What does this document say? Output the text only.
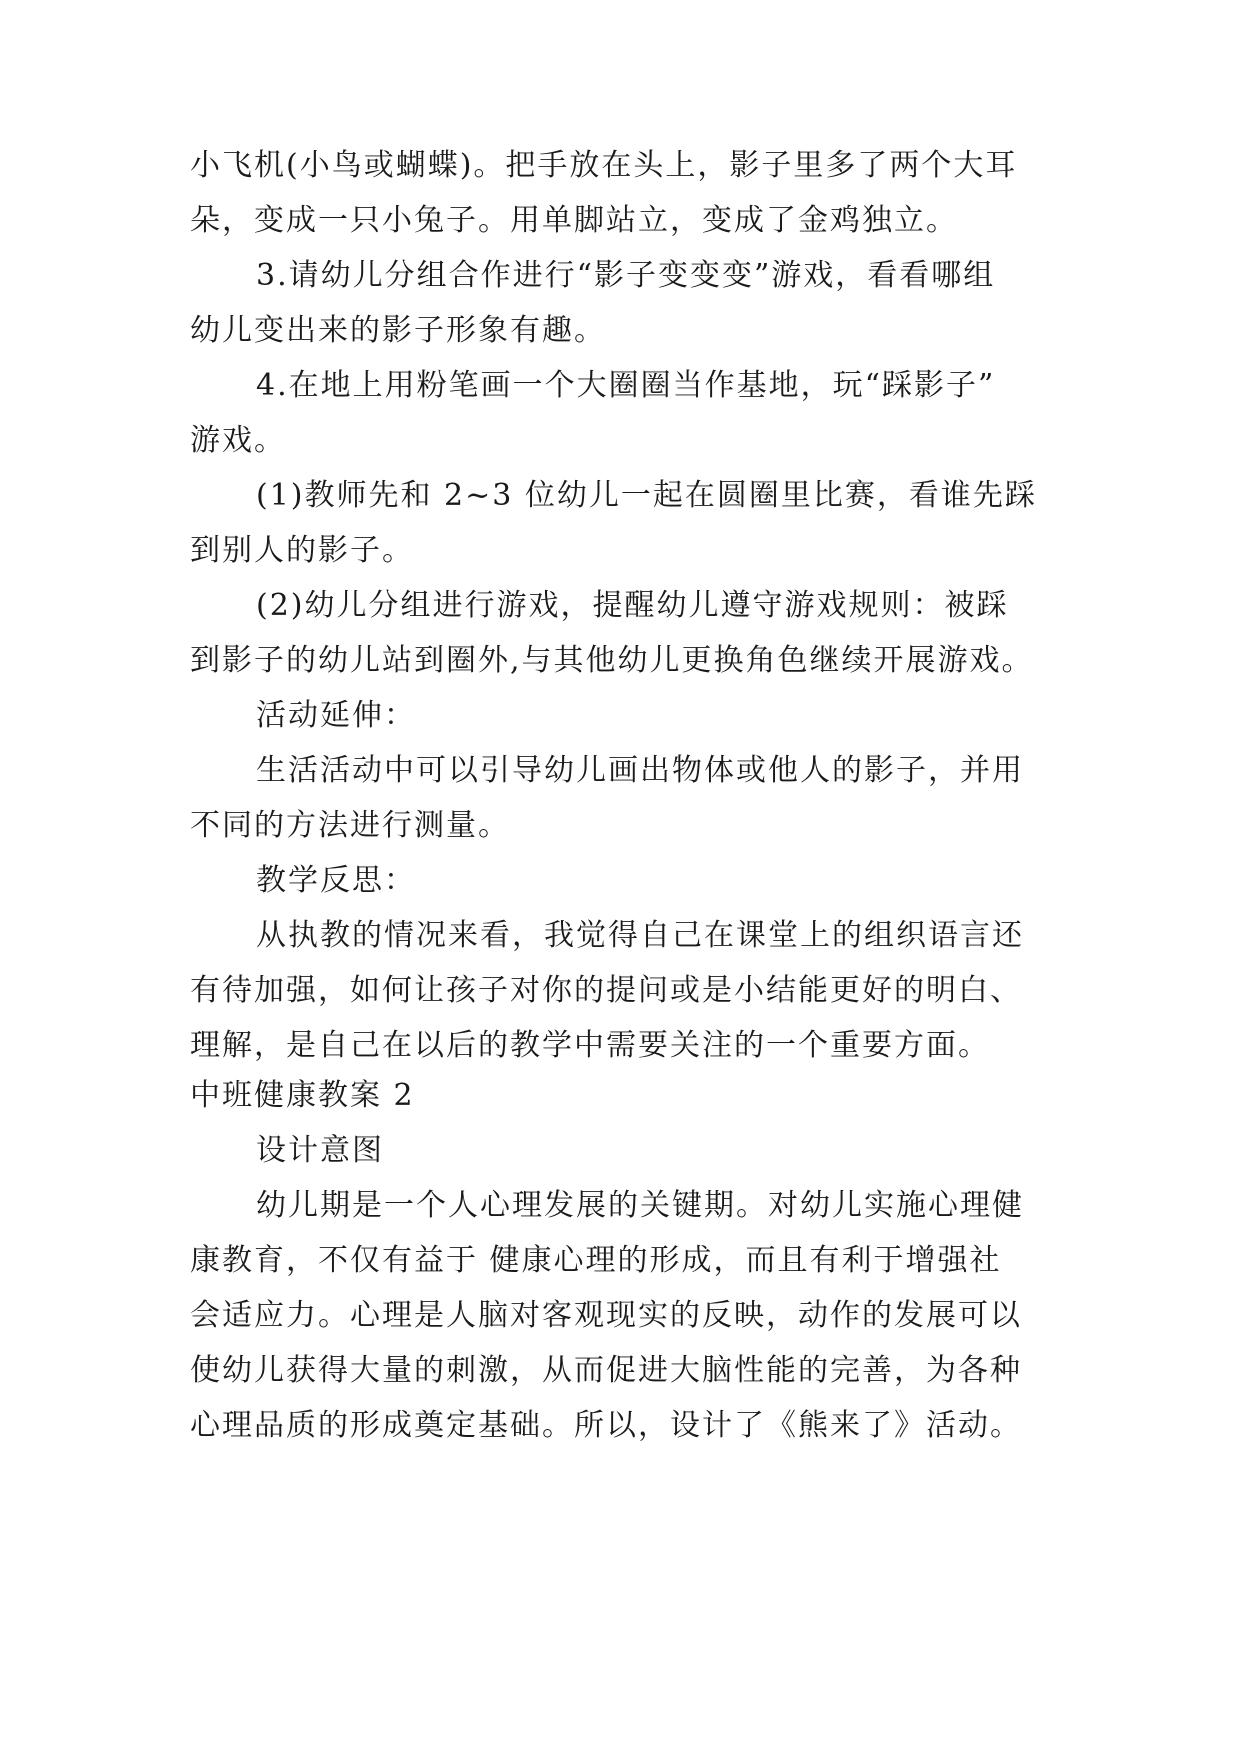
小飞机(小鸟或蝴蝶)。把手放在头上，影子里多了两个大耳
朵，变成一只小兔子。用单脚站立，变成了金鸡独立。
3.请幼儿分组合作进行“影子变变变”游戏，看看哪组
幼儿变出来的影子形象有趣。
4.在地上用粉笔画一个大圈圈当作基地，玩“踩影子”
游戏。
(1)教师先和 2~3 位幼儿一起在圆圈里比赛，看谁先踩
到别人的影子。
(2)幼儿分组进行游戏，提醒幼儿遵守游戏规则：被踩
到影子的幼儿站到圈外,与其他幼儿更换角色继续开展游戏。
活动延伸：
生活活动中可以引导幼儿画出物体或他人的影子，并用
不同的方法进行测量。
教学反思：
从执教的情况来看，我觉得自己在课堂上的组织语言还
有待加强，如何让孩子对你的提问或是小结能更好的明白、
理解，是自己在以后的教学中需要关注的一个重要方面。
中班健康教案 2
设计意图
幼儿期是一个人心理发展的关键期。对幼儿实施心理健
康教育，不仅有益于 健康心理的形成，而且有利于增强社
会适应力。心理是人脑对客观现实的反映，动作的发展可以
使幼儿获得大量的刺激，从而促进大脑性能的完善，为各种
心理品质的形成奠定基础。所以，设计了《熊来了》活动。
